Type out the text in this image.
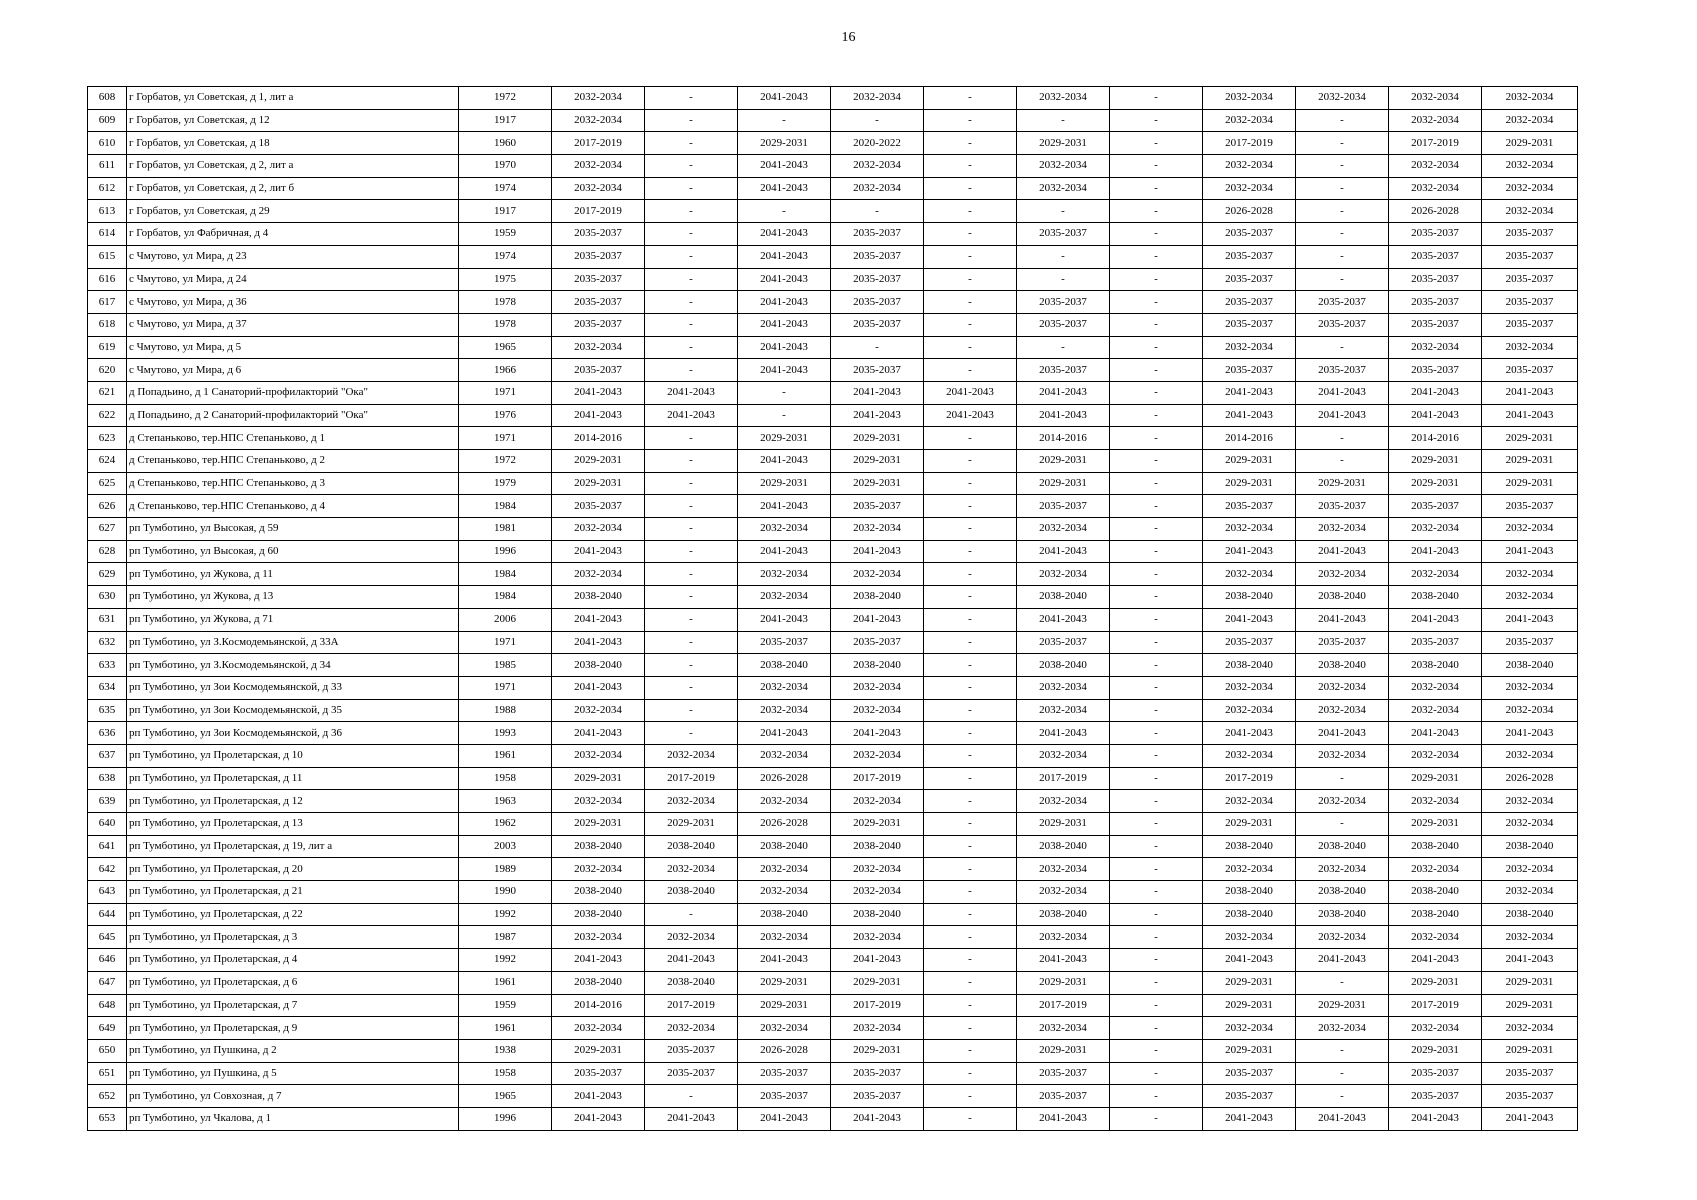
16
608	г Горбатов, ул Советская, д 1, лит а	1972	2032-2034	-	2041-2043	2032-2034	-	2032-2034	-	2032-2034	2032-2034	2032-2034	2032-2034
609	г Горбатов, ул Советская, д 12	1917	2032-2034	-	-	-	-	-	-	2032-2034	-	2032-2034	2032-2034
610	г Горбатов, ул Советская, д 18	1960	2017-2019	-	2029-2031	2020-2022	-	2029-2031	-	2017-2019	-	2017-2019	2029-2031
611	г Горбатов, ул Советская, д 2, лит а	1970	2032-2034	-	2041-2043	2032-2034	-	2032-2034	-	2032-2034	-	2032-2034	2032-2034
612	г Горбатов, ул Советская, д 2, лит б	1974	2032-2034	-	2041-2043	2032-2034	-	2032-2034	-	2032-2034	-	2032-2034	2032-2034
613	г Горбатов, ул Советская, д 29	1917	2017-2019	-	-	-	-	-	-	2026-2028	-	2026-2028	2032-2034
614	г Горбатов, ул Фабричная, д 4	1959	2035-2037	-	2041-2043	2035-2037	-	2035-2037	-	2035-2037	-	2035-2037	2035-2037
615	с Чмутово, ул Мира, д 23	1974	2035-2037	-	2041-2043	2035-2037	-	-	-	2035-2037	-	2035-2037	2035-2037
616	с Чмутово, ул Мира, д 24	1975	2035-2037	-	2041-2043	2035-2037	-	-	-	2035-2037	-	2035-2037	2035-2037
617	с Чмутово, ул Мира, д 36	1978	2035-2037	-	2041-2043	2035-2037	-	2035-2037	-	2035-2037	2035-2037	2035-2037	2035-2037
618	с Чмутово, ул Мира, д 37	1978	2035-2037	-	2041-2043	2035-2037	-	2035-2037	-	2035-2037	2035-2037	2035-2037	2035-2037
619	с Чмутово, ул Мира, д 5	1965	2032-2034	-	2041-2043	-	-	-	-	2032-2034	-	2032-2034	2032-2034
620	с Чмутово, ул Мира, д 6	1966	2035-2037	-	2041-2043	2035-2037	-	2035-2037	-	2035-2037	2035-2037	2035-2037	2035-2037
621	д Попадьино, д 1 Санаторий-профилакторий "Ока"	1971	2041-2043	2041-2043	-	2041-2043	2041-2043	2041-2043	-	2041-2043	2041-2043	2041-2043	2041-2043
622	д Попадьино, д 2 Санаторий-профилакторий "Ока"	1976	2041-2043	2041-2043	-	2041-2043	2041-2043	2041-2043	-	2041-2043	2041-2043	2041-2043	2041-2043
623	д Степаньково, тер.НПС Степаньково, д 1	1971	2014-2016	-	2029-2031	2029-2031	-	2014-2016	-	2014-2016	-	2014-2016	2029-2031
624	д Степаньково, тер.НПС Степаньково, д 2	1972	2029-2031	-	2041-2043	2029-2031	-	2029-2031	-	2029-2031	-	2029-2031	2029-2031
625	д Степаньково, тер.НПС Степаньково, д 3	1979	2029-2031	-	2029-2031	2029-2031	-	2029-2031	-	2029-2031	2029-2031	2029-2031	2029-2031
626	д Степаньково, тер.НПС Степаньково, д 4	1984	2035-2037	-	2041-2043	2035-2037	-	2035-2037	-	2035-2037	2035-2037	2035-2037	2035-2037
627	рп Тумботино, ул Высокая, д 59	1981	2032-2034	-	2032-2034	2032-2034	-	2032-2034	-	2032-2034	2032-2034	2032-2034	2032-2034
628	рп Тумботино, ул Высокая, д 60	1996	2041-2043	-	2041-2043	2041-2043	-	2041-2043	-	2041-2043	2041-2043	2041-2043	2041-2043
629	рп Тумботино, ул Жукова, д 11	1984	2032-2034	-	2032-2034	2032-2034	-	2032-2034	-	2032-2034	2032-2034	2032-2034	2032-2034
630	рп Тумботино, ул Жукова, д 13	1984	2038-2040	-	2032-2034	2038-2040	-	2038-2040	-	2038-2040	2038-2040	2038-2040	2032-2034
631	рп Тумботино, ул Жукова, д 71	2006	2041-2043	-	2041-2043	2041-2043	-	2041-2043	-	2041-2043	2041-2043	2041-2043	2041-2043
632	рп Тумботино, ул З.Космодемьянской, д 33А	1971	2041-2043	-	2035-2037	2035-2037	-	2035-2037	-	2035-2037	2035-2037	2035-2037	2035-2037
633	рп Тумботино, ул З.Космодемьянской, д 34	1985	2038-2040	-	2038-2040	2038-2040	-	2038-2040	-	2038-2040	2038-2040	2038-2040	2038-2040
634	рп Тумботино, ул Зои Космодемьянской, д 33	1971	2041-2043	-	2032-2034	2032-2034	-	2032-2034	-	2032-2034	2032-2034	2032-2034	2032-2034
635	рп Тумботино, ул Зои Космодемьянской, д 35	1988	2032-2034	-	2032-2034	2032-2034	-	2032-2034	-	2032-2034	2032-2034	2032-2034	2032-2034
636	рп Тумботино, ул Зои Космодемьянской, д 36	1993	2041-2043	-	2041-2043	2041-2043	-	2041-2043	-	2041-2043	2041-2043	2041-2043	2041-2043
637	рп Тумботино, ул Пролетарская, д 10	1961	2032-2034	2032-2034	2032-2034	2032-2034	-	2032-2034	-	2032-2034	2032-2034	2032-2034	2032-2034
638	рп Тумботино, ул Пролетарская, д 11	1958	2029-2031	2017-2019	2026-2028	2017-2019	-	2017-2019	-	2017-2019	-	2029-2031	2026-2028
639	рп Тумботино, ул Пролетарская, д 12	1963	2032-2034	2032-2034	2032-2034	2032-2034	-	2032-2034	-	2032-2034	2032-2034	2032-2034	2032-2034
640	рп Тумботино, ул Пролетарская, д 13	1962	2029-2031	2029-2031	2026-2028	2029-2031	-	2029-2031	-	2029-2031	-	2029-2031	2032-2034
641	рп Тумботино, ул Пролетарская, д 19, лит а	2003	2038-2040	2038-2040	2038-2040	2038-2040	-	2038-2040	-	2038-2040	2038-2040	2038-2040	2038-2040
642	рп Тумботино, ул Пролетарская, д 20	1989	2032-2034	2032-2034	2032-2034	2032-2034	-	2032-2034	-	2032-2034	2032-2034	2032-2034	2032-2034
643	рп Тумботино, ул Пролетарская, д 21	1990	2038-2040	2038-2040	2032-2034	2032-2034	-	2032-2034	-	2038-2040	2038-2040	2038-2040	2032-2034
644	рп Тумботино, ул Пролетарская, д 22	1992	2038-2040	-	2038-2040	2038-2040	-	2038-2040	-	2038-2040	2038-2040	2038-2040	2038-2040
645	рп Тумботино, ул Пролетарская, д 3	1987	2032-2034	2032-2034	2032-2034	2032-2034	-	2032-2034	-	2032-2034	2032-2034	2032-2034	2032-2034
646	рп Тумботино, ул Пролетарская, д 4	1992	2041-2043	2041-2043	2041-2043	2041-2043	-	2041-2043	-	2041-2043	2041-2043	2041-2043	2041-2043
647	рп Тумботино, ул Пролетарская, д 6	1961	2038-2040	2038-2040	2029-2031	2029-2031	-	2029-2031	-	2029-2031	-	2029-2031	2029-2031
648	рп Тумботино, ул Пролетарская, д 7	1959	2014-2016	2017-2019	2029-2031	2017-2019	-	2017-2019	-	2029-2031	2029-2031	2017-2019	2029-2031
649	рп Тумботино, ул Пролетарская, д 9	1961	2032-2034	2032-2034	2032-2034	2032-2034	-	2032-2034	-	2032-2034	2032-2034	2032-2034	2032-2034
650	рп Тумботино, ул Пушкина, д 2	1938	2029-2031	2035-2037	2026-2028	2029-2031	-	2029-2031	-	2029-2031	-	2029-2031	2029-2031
651	рп Тумботино, ул Пушкина, д 5	1958	2035-2037	2035-2037	2035-2037	2035-2037	-	2035-2037	-	2035-2037	-	2035-2037	2035-2037
652	рп Тумботино, ул Совхозная, д 7	1965	2041-2043	-	2035-2037	2035-2037	-	2035-2037	-	2035-2037	-	2035-2037	2035-2037
653	рп Тумботино, ул Чкалова, д 1	1996	2041-2043	2041-2043	2041-2043	2041-2043	-	2041-2043	-	2041-2043	2041-2043	2041-2043	2041-2043
